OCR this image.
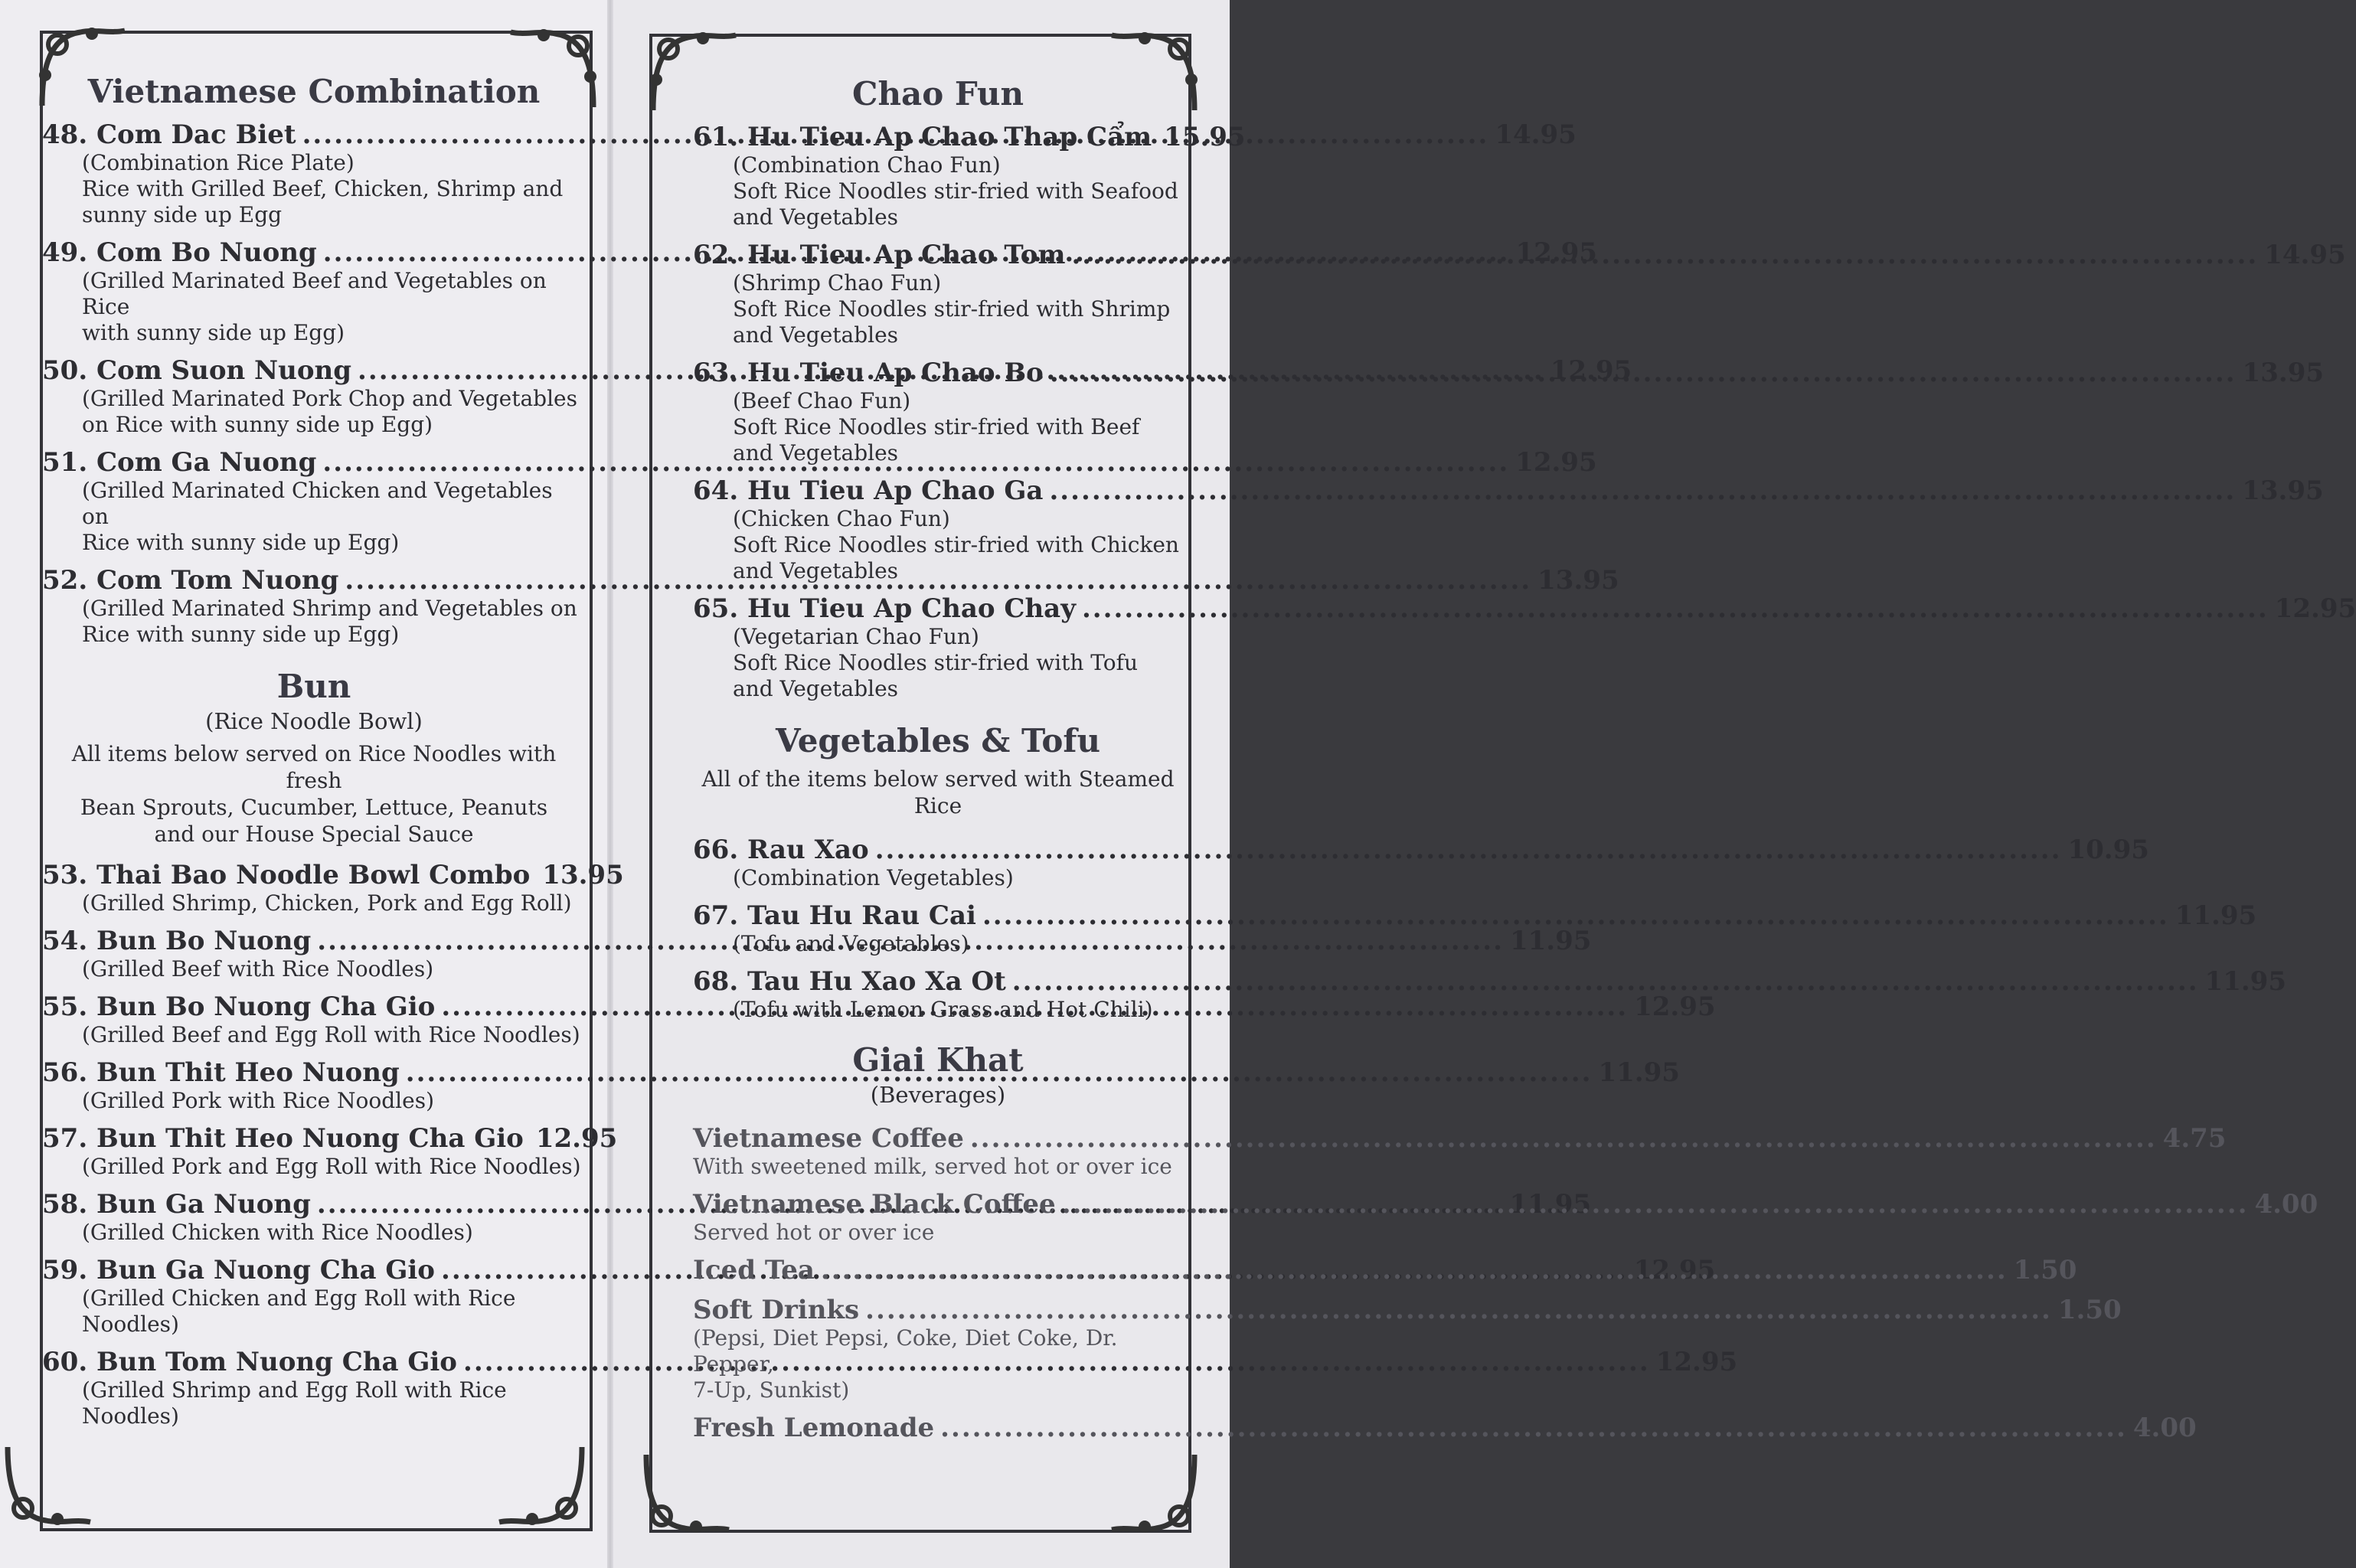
Vietnamese Combination
48. Com Dac Biet .....	14.95
(Combination Rice Plate)
Rice with Grilled Beef, Chicken, Shrimp and
sunny side up Egg
49. Com Bo Nuong .....	12.95
(Grilled Marinated Beef and Vegetables on Rice
with sunny side up Egg)
50. Com Suon Nuong .....	12.95
(Grilled Marinated Pork Chop and Vegetables
on Rice with sunny side up Egg)
51. Com Ga Nuong .....	12.95
(Grilled Marinated Chicken and Vegetables on
Rice with sunny side up Egg)
52. Com Tom Nuong .....	13.95
(Grilled Marinated Shrimp and Vegetables on
Rice with sunny side up Egg)
Bun

(Rice Noodle Bowl)

All items below served on Rice Noodles with fresh
Bean Sprouts, Cucumber, Lettuce, Peanuts
and our House Special Sauce

53. Thai Bao Noodle Bowl Combo 13.95
(Grilled Shrimp, Chicken, Pork and Egg Roll)
54. Bun Bo Nuong .....	11.95
(Grilled Beef with Rice Noodles)
55. Bun Bo Nuong Cha Gio .....	12.95
(Grilled Beef and Egg Roll with Rice Noodles)
56. Bun Thit Heo Nuong .....	11.95
(Grilled Pork with Rice Noodles)
57. Bun Thit Heo Nuong Cha Gio 12.95
(Grilled Pork and Egg Roll with Rice Noodles)
58. Bun Ga Nuong .....	11.95
(Grilled Chicken with Rice Noodles)
59. Bun Ga Nuong Cha Gio .....	12.95
(Grilled Chicken and Egg Roll with Rice
Noodles)
60. Bun Tom Nuong Cha Gio .....	12.95
(Grilled Shrimp and Egg Roll with Rice
Noodles)
Chao Fun
61. Hu Tieu Ap Chao Thap Cẩm 15.95
(Combination Chao Fun)
Soft Rice Noodles stir-fried with Seafood
and Vegetables
62. Hu Tieu Ap Chao Tom .....	14.95
(Shrimp Chao Fun)
Soft Rice Noodles stir-fried with Shrimp
and Vegetables
63. Hu Tieu Ap Chao Bo .....	13.95
(Beef Chao Fun)
Soft Rice Noodles stir-fried with Beef
and Vegetables
64. Hu Tieu Ap Chao Ga .....	13.95
(Chicken Chao Fun)
Soft Rice Noodles stir-fried with Chicken
and Vegetables
65. Hu Tieu Ap Chao Chay .....	12.95
(Vegetarian Chao Fun)
Soft Rice Noodles stir-fried with Tofu
and Vegetables
Vegetables & Tofu

All of the items below served with Steamed Rice

66. Rau Xao .....	10.95
(Combination Vegetables)
67. Tau Hu Rau Cai .....	11.95
(Tofu and Vegetables)
68. Tau Hu Xao Xa Ot .....	11.95
(Tofu with Lemon Grass and Hot Chili)
Giai Khat

(Beverages)

Vietnamese Coffee .....	4.75
With sweetened milk, served hot or over ice
Vietnamese Black Coffee .....	4.00
Served hot or over ice
Iced Tea .....	1.50
Soft Drinks .....	1.50
(Pepsi, Diet Pepsi, Coke, Diet Coke, Dr. Pepper,
7-Up, Sunkist)
Fresh Lemonade .....	4.00
